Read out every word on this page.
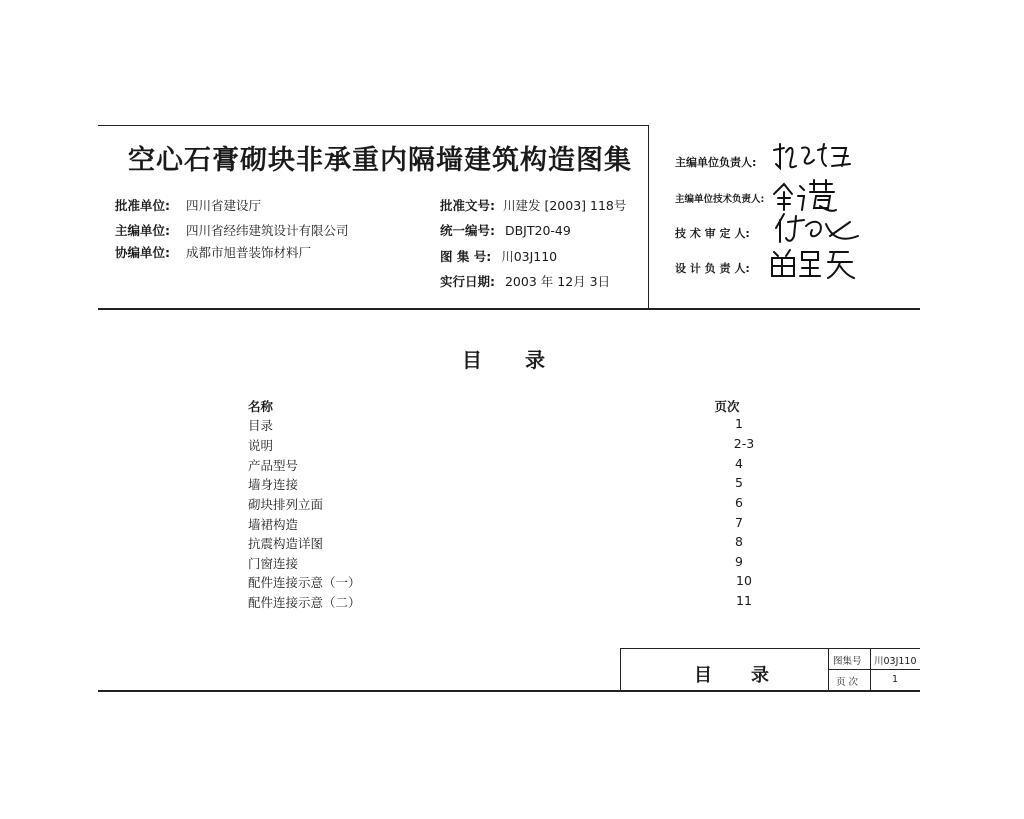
空心石膏砌块非承重内隔墙建筑构造图集
批准单位: 四川省建设厅
主编单位: 四川省经纬建筑设计有限公司
协编单位: 成都市旭普装饰材料厂
批准文号: 川建发 [2003] 118号
统一编号: DBJT20-49
图 集 号: 川03J110
实行日期: 2003 年 12月 3日
主编单位负责人:
主编单位技术负责人:
技 术 审 定 人:
设 计 负 责 人:
目　　录
名称	页次
目录	1
说明	2-3
产品型号	4
墙身连接	5
砌块排列立面	6
墙裙构造	7
抗震构造详图	8
门窗连接	9
配件连接示意（一）	10
配件连接示意（二）	11
目　　录
图集号 川03J110
页 次	1
